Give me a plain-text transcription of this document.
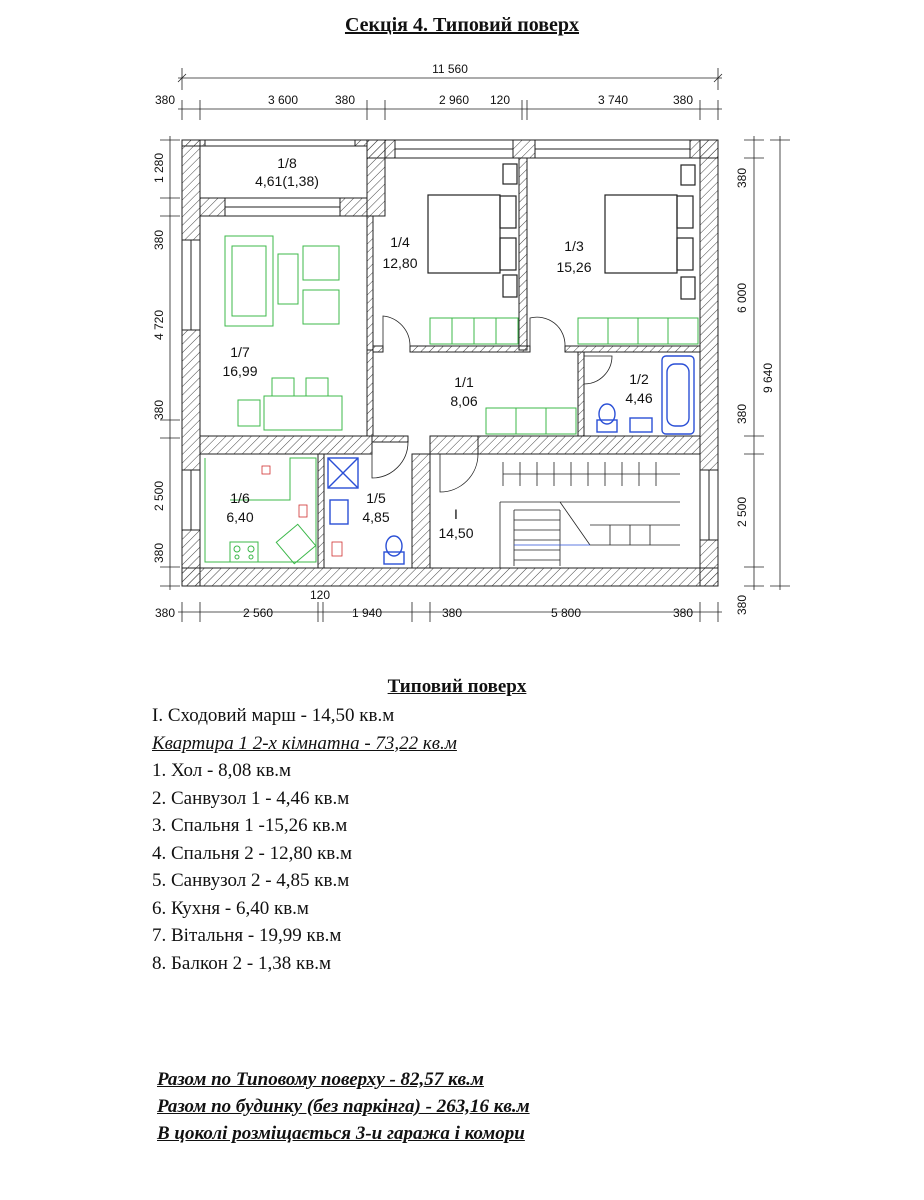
Секція 4. Типовий поверх
11 560
380	3 600	380	2 960 120	3 740	380
1 280
380
4 720
380
2 500
380
380
6 000
380
2 500
380
9 640
120
380	2 560	1 940	380	5 800	380
1/8
4,61(1,38)
1/4
12,80
1/3
15,26
1/7
16,99
1/1
8,06
1/2
4,46
1/6
6,40
1/5
4,85	I
14,50
Типовий поверх
I. Сходовий марш - 14,50 кв.м
Квартира 1 2-х кімнатна - 73,22 кв.м
1. Хол - 8,08 кв.м
2. Санвузол 1 - 4,46 кв.м
3. Спальня 1 -15,26 кв.м
4. Спальня 2 - 12,80 кв.м
5. Санвузол 2 - 4,85 кв.м
6. Кухня - 6,40 кв.м
7. Вітальня - 19,99 кв.м
8. Балкон 2 - 1,38 кв.м
Разом по Типовому поверху - 82,57 кв.м
Разом по будинку (без паркінга) - 263,16 кв.м
В цоколі розміщається 3-и гаража і комори
